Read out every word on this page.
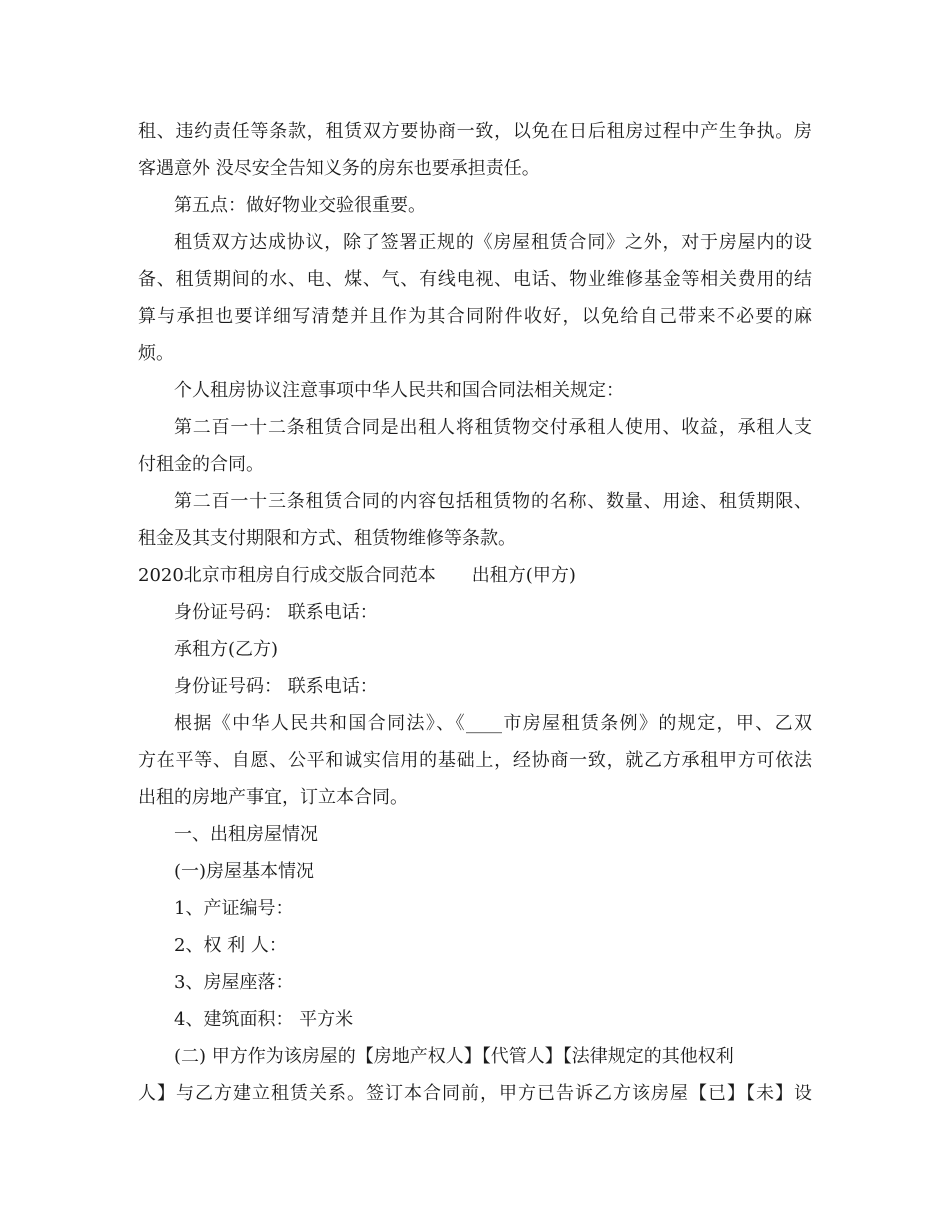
租、违约责任等条款，租赁双方要协商一致，以免在日后租房过程中产生争执。房
客遇意外 没尽安全告知义务的房东也要承担责任。
第五点：做好物业交验很重要。
租赁双方达成协议，除了签署正规的《房屋租赁合同》之外，对于房屋内的设
备、租赁期间的水、电、煤、气、有线电视、电话、物业维修基金等相关费用的结
算与承担也要详细写清楚并且作为其合同附件收好，以免给自己带来不必要的麻
烦。
个人租房协议注意事项中华人民共和国合同法相关规定：
第二百一十二条租赁合同是出租人将租赁物交付承租人使用、收益，承租人支
付租金的合同。
第二百一十三条租赁合同的内容包括租赁物的名称、数量、用途、租赁期限、
租金及其支付期限和方式、租赁物维修等条款。
2020北京市租房自行成交版合同范本　　出租方(甲方)
身份证号码： 联系电话：
承租方(乙方)
身份证号码： 联系电话：
根据《中华人民共和国合同法》、《____市房屋租赁条例》的规定，甲、乙双
方在平等、自愿、公平和诚实信用的基础上，经协商一致，就乙方承租甲方可依法
出租的房地产事宜，订立本合同。
一、出租房屋情况
(一)房屋基本情况
1、产证编号：
2、权 利 人：
3、房屋座落：
4、建筑面积： 平方米
(二) 甲方作为该房屋的【房地产权人】【代管人】【法律规定的其他权利
人】与乙方建立租赁关系。签订本合同前，甲方已告诉乙方该房屋【已】【未】设
